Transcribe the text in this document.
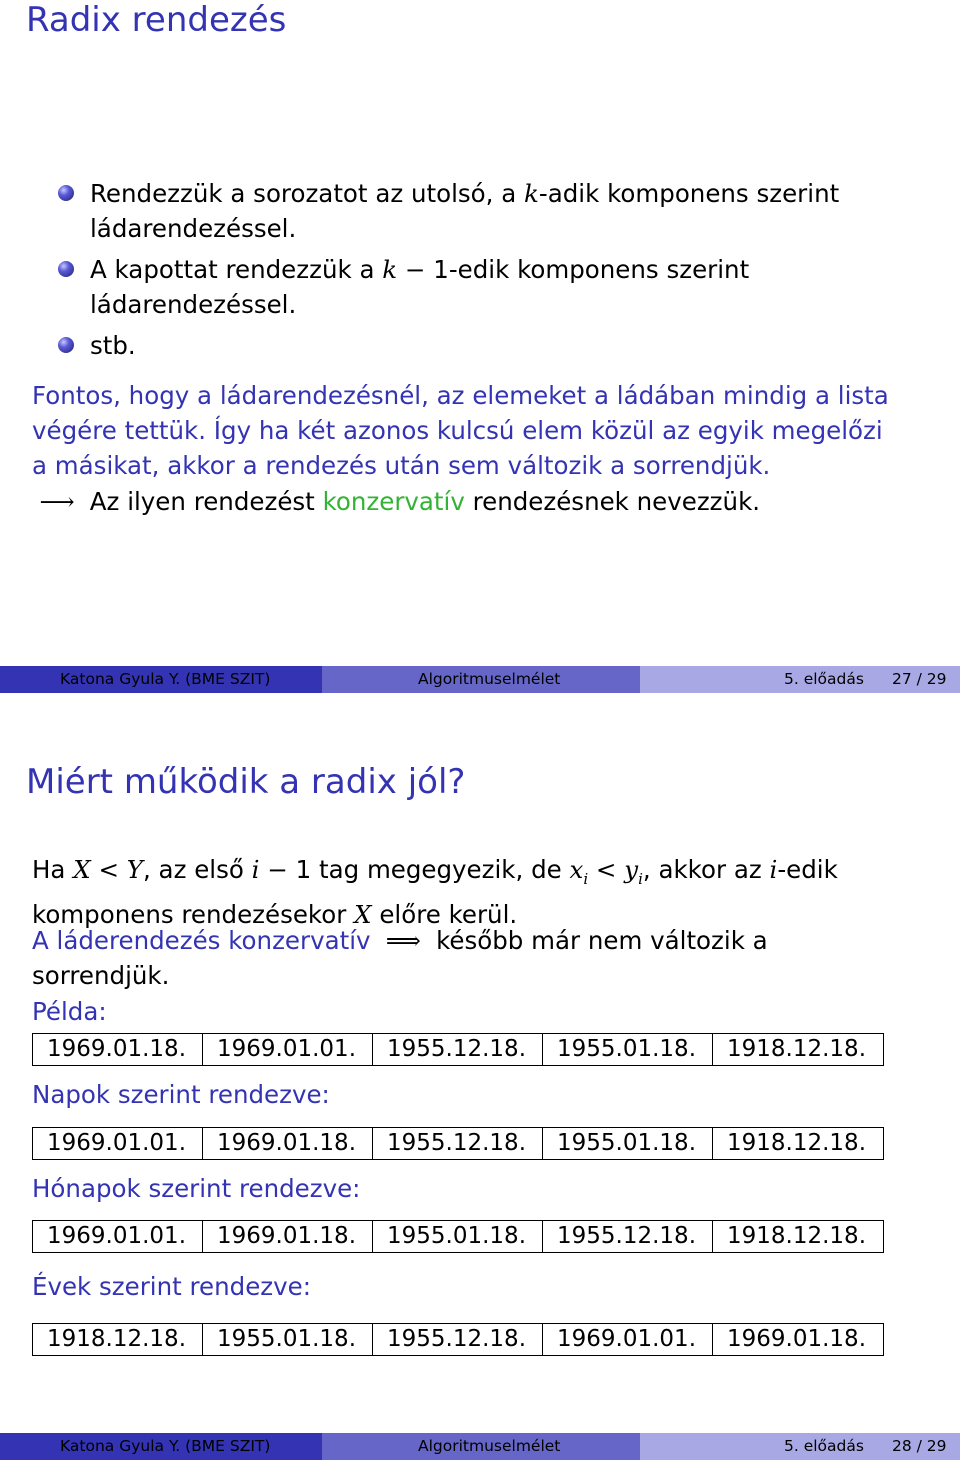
Radix rendezés
Rendezzük a sorozatot az utolsó, a k-adik komponens szerint
ládarendezéssel.
A kapottat rendezzük a k − 1-edik komponens szerint
ládarendezéssel.
stb.

Fontos, hogy a ládarendezésnél, az elemeket a ládában mindig a lista
végére tettük. Így ha két azonos kulcsú elem közül az egyik megelőzi
a másikat, akkor a rendezés után sem változik a sorrendjük.

⟶ Az ilyen rendezést konzervatív rendezésnek nevezzük.

Katona Gyula Y. (BME SZIT)	Algoritmuselmélet	5. előadás 27 / 29
Miért működik a radix jól?

Ha X < Y, az első i − 1 tag megegyezik, de $x_i < y_i$, akkor az i-edik
komponens rendezésekor X előre kerül.

A láderendezés konzervatív ⟹ később már nem változik a
sorrendjük.

Példa:

1969.01.18.	1969.01.01.	1955.12.18.	1955.01.18.	1918.12.18.

Napok szerint rendezve:

1969.01.01.	1969.01.18.	1955.12.18.	1955.01.18.	1918.12.18.

Hónapok szerint rendezve:

1969.01.01.	1969.01.18.	1955.01.18.	1955.12.18.	1918.12.18.

Évek szerint rendezve:

1918.12.18.	1955.01.18.	1955.12.18.	1969.01.01.	1969.01.18.
Katona Gyula Y. (BME SZIT)	Algoritmuselmélet	5. előadás 28 / 29
